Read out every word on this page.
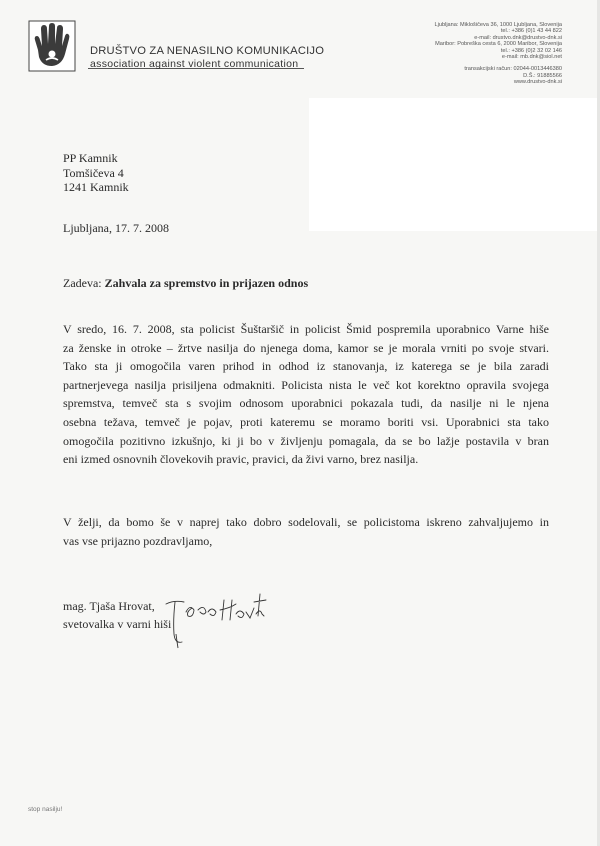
DRUŠTVO ZA NENASILNO KOMUNIKACIJO
association against violent communication
Ljubljana: Miklošičeva 36, 1000 Ljubljana, Slovenija
tel.: +386 (0)1 43 44 822
e-mail: drustvo.dnk@drustvo-dnk.si
Maribor: Pobreška cesta 6, 2000 Maribor, Slovenija
tel.: +386 (0)2 32 02 146
e-mail: mb.dnk@siol.net
transakcijski račun: 02044-0013446380
D.Š.: 91885566
www.drustvo-dnk.si
PP Kamnik
Tomšičeva 4
1241 Kamnik
Ljubljana, 17. 7. 2008
Zadeva: Zahvala za spremstvo in prijazen odnos
V sredo, 16. 7. 2008, sta policist Šuštaršič in policist Šmid pospremila uporabnico Varne hiše
za ženske in otroke – žrtve nasilja do njenega doma, kamor se je morala vrniti po svoje stvari.
Tako sta ji omogočila varen prihod in odhod iz stanovanja, iz katerega se je bila zaradi
partnerjevega nasilja prisiljena odmakniti. Policista nista le več kot korektno opravila svojega
spremstva, temveč sta s svojim odnosom uporabnici pokazala tudi, da nasilje ni le njena
osebna težava, temveč je pojav, proti kateremu se moramo boriti vsi. Uporabnici sta tako
omogočila pozitivno izkušnjo, ki ji bo v življenju pomagala, da se bo lažje postavila v bran
eni izmed osnovnih človekovih pravic, pravici, da živi varno, brez nasilja.
V želji, da bomo še v naprej tako dobro sodelovali, se policistoma iskreno zahvaljujemo in
vas vse prijazno pozdravljamo,
mag. Tjaša Hrovat,
svetovalka v varni hiši
stop nasilju!
